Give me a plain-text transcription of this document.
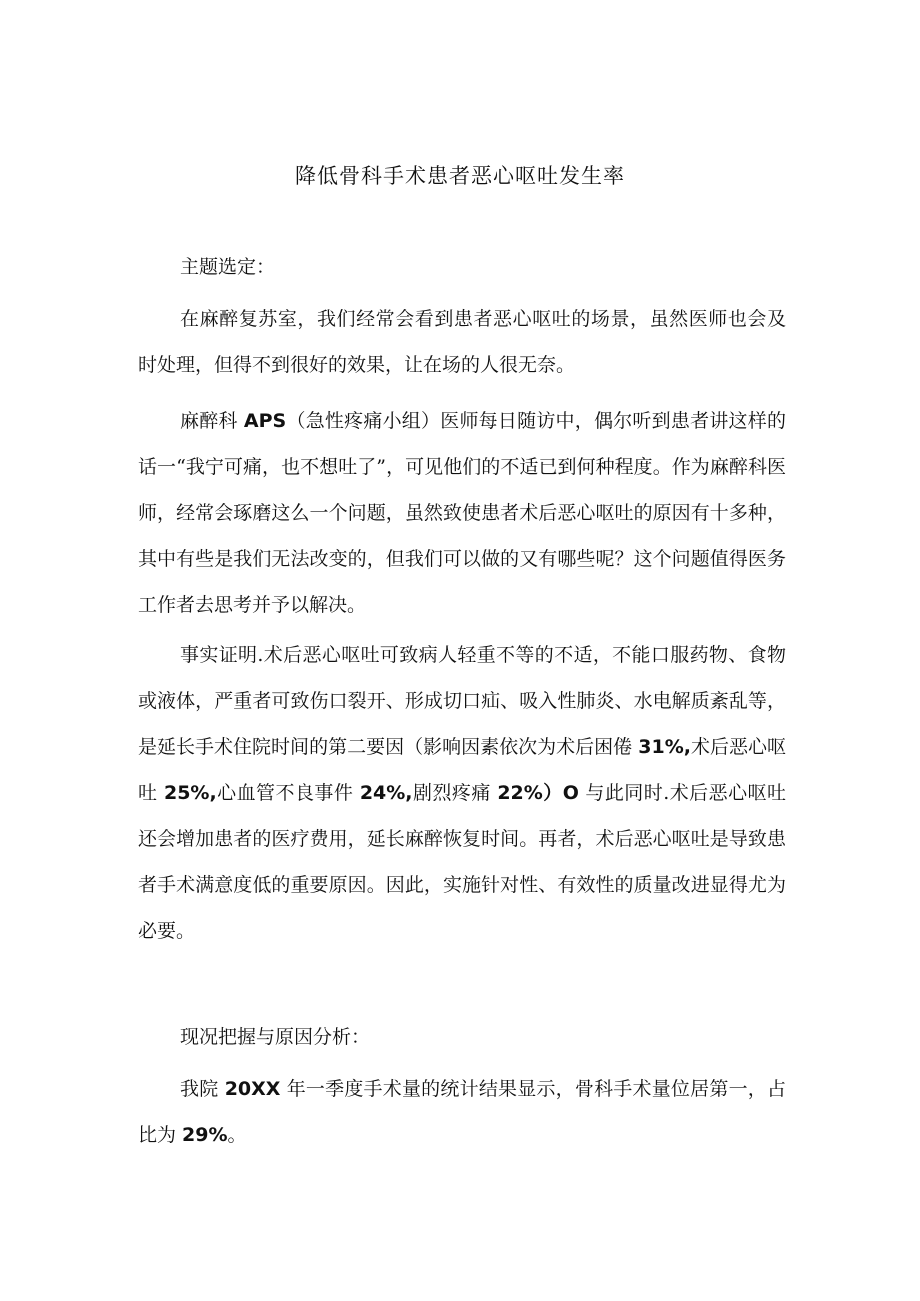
降低骨科手术患者恶心呕吐发生率

主题选定：

在麻醉复苏室，我们经常会看到患者恶心呕吐的场景，虽然医师也会及时处理，但得不到很好的效果，让在场的人很无奈。

麻醉科 APS（急性疼痛小组）医师每日随访中，偶尔听到患者讲这样的话一“我宁可痛，也不想吐了”，可见他们的不适已到何种程度。作为麻醉科医师，经常会琢磨这么一个问题，虽然致使患者术后恶心呕吐的原因有十多种，其中有些是我们无法改变的，但我们可以做的又有哪些呢？这个问题值得医务工作者去思考并予以解决。

事实证明.术后恶心呕吐可致病人轻重不等的不适，不能口服药物、食物或液体，严重者可致伤口裂开、形成切口疝、吸入性肺炎、水电解质紊乱等，是延长手术住院时间的第二要因（影响因素依次为术后困倦 31%,术后恶心呕吐 25%,心血管不良事件 24%,剧烈疼痛 22%）O 与此同时.术后恶心呕吐还会增加患者的医疗费用，延长麻醉恢复时间。再者，术后恶心呕吐是导致患者手术满意度低的重要原因。因此，实施针对性、有效性的质量改进显得尤为必要。

现况把握与原因分析：

我院 20XX 年一季度手术量的统计结果显示，骨科手术量位居第一，占比为 29%。
